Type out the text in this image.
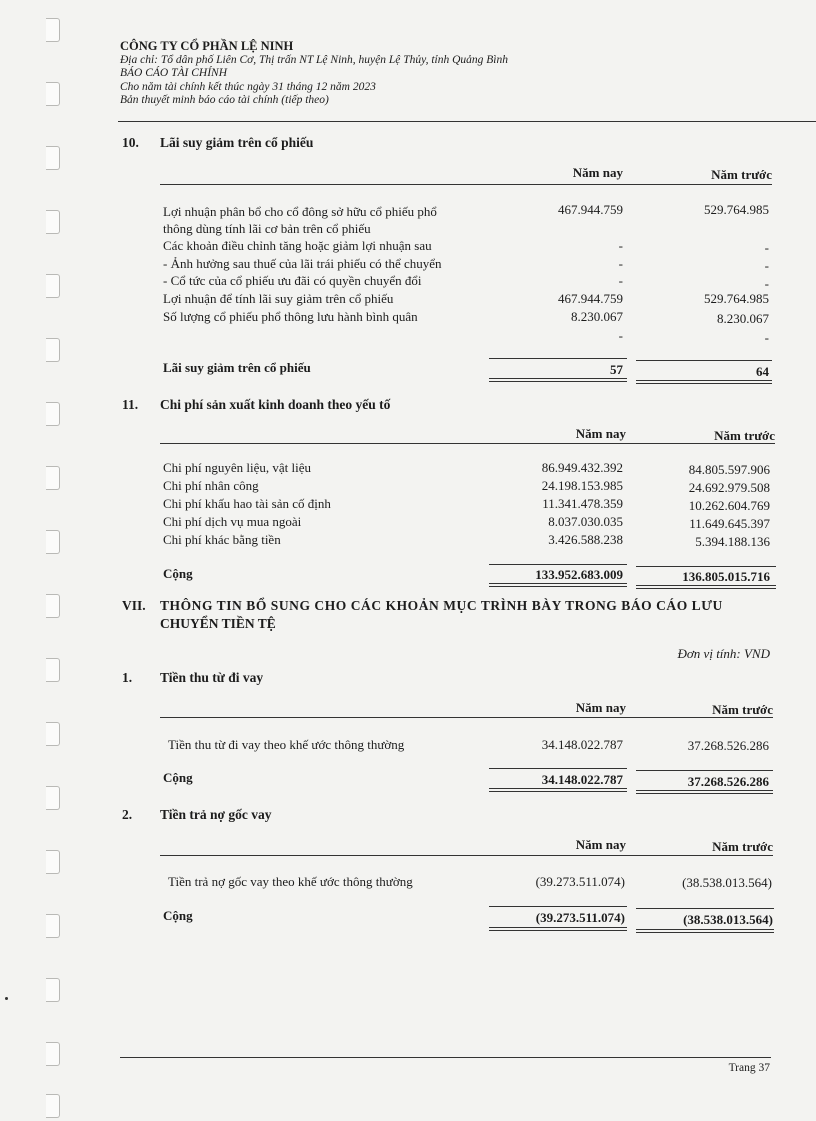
CÔNG TY CỔ PHẦN LỆ NINH
Địa chỉ: Tổ dân phố Liên Cơ, Thị trấn NT Lệ Ninh, huyện Lệ Thủy, tỉnh Quảng Bình
BÁO CÁO TÀI CHÍNH
Cho năm tài chính kết thúc ngày 31 tháng 12 năm 2023
Bản thuyết minh báo cáo tài chính (tiếp theo)
10. Lãi suy giảm trên cổ phiếu
Năm nay	Năm trước
Lợi nhuận phân bổ cho cổ đông sở hữu cổ phiếu phổ
thông dùng tính lãi cơ bản trên cổ phiếu
467.944.759	529.764.985
Các khoản điều chỉnh tăng hoặc giảm lợi nhuận sau	-	-
- Ảnh hưởng sau thuế của lãi trái phiếu có thể chuyển	-	-
- Cổ tức của cổ phiếu ưu đãi có quyền chuyển đổi	-	-
Lợi nhuận để tính lãi suy giảm trên cổ phiếu	467.944.759	529.764.985
Số lượng cổ phiếu phổ thông lưu hành bình quân	8.230.067	8.230.067
-	-
Lãi suy giảm trên cổ phiếu	57	64
11. Chi phí sản xuất kinh doanh theo yếu tố
Năm nay	Năm trước
Chi phí nguyên liệu, vật liệu	86.949.432.392	84.805.597.906
Chi phí nhân công	24.198.153.985	24.692.979.508
Chi phí khấu hao tài sản cố định	11.341.478.359	10.262.604.769
Chi phí dịch vụ mua ngoài	8.037.030.035	11.649.645.397
Chi phí khác bằng tiền	3.426.588.238	5.394.188.136
Cộng	133.952.683.009	136.805.015.716
VII. THÔNG TIN BỔ SUNG CHO CÁC KHOẢN MỤC TRÌNH BÀY TRONG BÁO CÁO LƯU
CHUYỂN TIỀN TỆ
Đơn vị tính: VND
1. Tiền thu từ đi vay
Năm nay	Năm trước
Tiền thu từ đi vay theo khế ước thông thường	34.148.022.787	37.268.526.286
Cộng	34.148.022.787	37.268.526.286
2. Tiền trả nợ gốc vay
Năm nay	Năm trước
Tiền trả nợ gốc vay theo khế ước thông thường	(39.273.511.074)	(38.538.013.564)
Cộng	(39.273.511.074)	(38.538.013.564)
Trang 37
